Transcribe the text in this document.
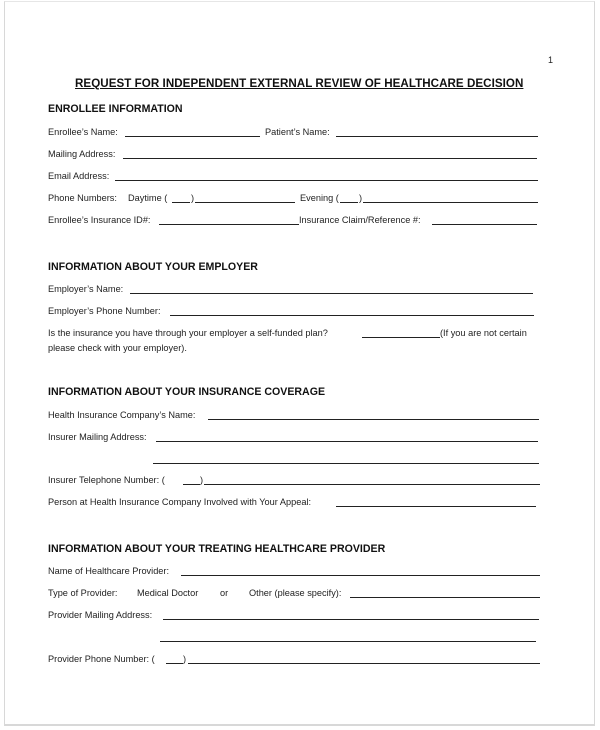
1
REQUEST FOR INDEPENDENT EXTERNAL REVIEW OF HEALTHCARE DECISION
ENROLLEE INFORMATION
Enrollee’s Name:	Patient’s Name:
Mailing Address:
Email Address:
Phone Numbers: Daytime (	)	Evening ( )
Enrollee’s Insurance ID#:	Insurance Claim/Reference #:
INFORMATION ABOUT YOUR EMPLOYER
Employer’s Name:
Employer’s Phone Number:
Is the insurance you have through your employer a self-funded plan?	(If you are not certain
please check with your employer).
INFORMATION ABOUT YOUR INSURANCE COVERAGE
Health Insurance Company’s Name:
Insurer Mailing Address:
Insurer Telephone Number: (	)
Person at Health Insurance Company Involved with Your Appeal:
INFORMATION ABOUT YOUR TREATING HEALTHCARE PROVIDER
Name of Healthcare Provider:
Type of Provider: Medical Doctor or Other (please specify):
Provider Mailing Address:
Provider Phone Number: (	)
